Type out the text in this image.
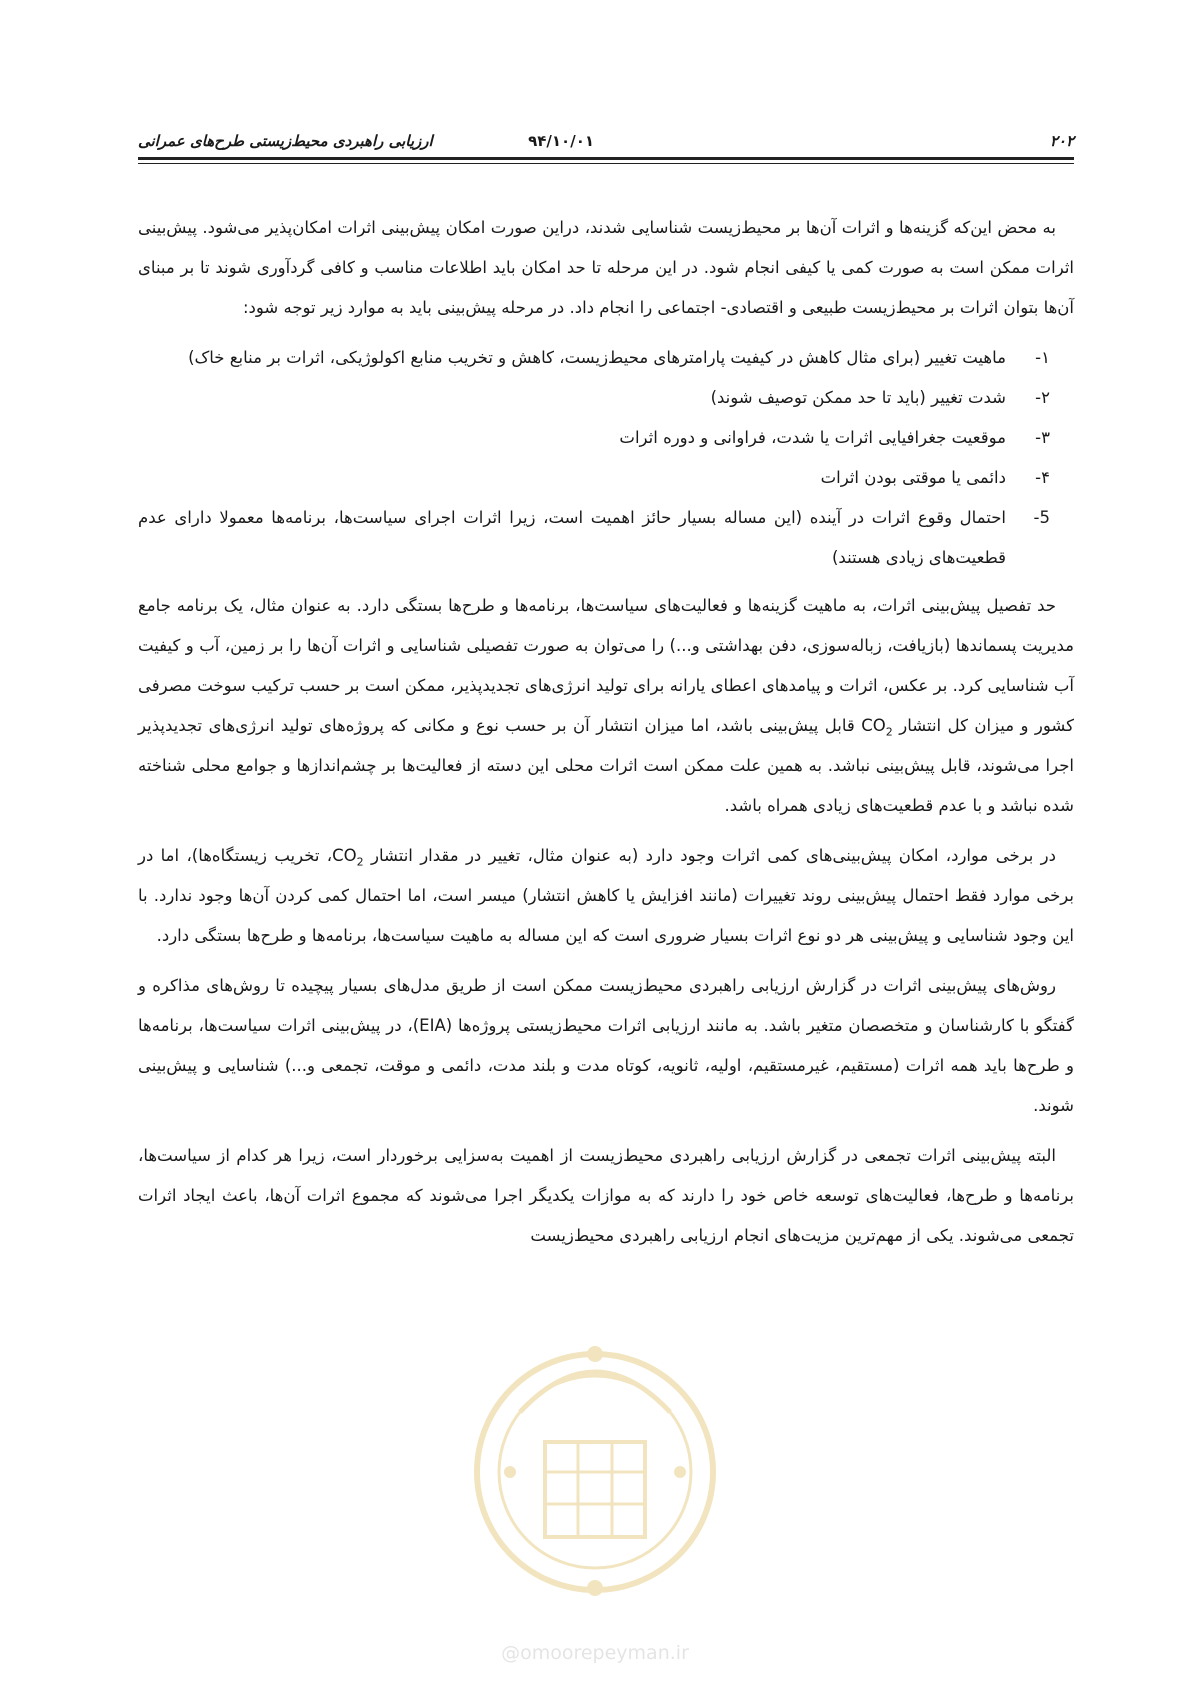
۲۰۲
۹۴/۱۰/۰۱
ارزیابی راهبردی محیط‌زیستی طرح‌های عمرانی

به محض این‌که گزینه‌ها و اثرات آن‌ها بر محیط‌زیست شناسایی شدند، دراین صورت امکان پیش‌بینی اثرات امکان‌پذیر می‌شود. پیش‌بینی اثرات ممکن است به صورت کمی یا کیفی انجام شود. در این مرحله تا حد امکان باید اطلاعات مناسب و کافی گردآوری شوند تا بر مبنای آن‌ها بتوان اثرات بر محیط‌زیست طبیعی و اقتصادی- اجتماعی را انجام داد. در مرحله پیش‌بینی باید به موارد زیر توجه شود:

۱-
ماهیت تغییر (برای مثال کاهش در کیفیت پارامترهای محیط‌زیست، کاهش و تخریب منابع اکولوژیکی، اثرات بر منابع خاک)
۲-
شدت تغییر (باید تا حد ممکن توصیف شوند)
۳-
موقعیت جغرافیایی اثرات یا شدت، فراوانی و دوره اثرات
۴-
دائمی یا موقتی بودن اثرات
5-
احتمال وقوع اثرات در آینده (این مساله بسیار حائز اهمیت است، زیرا اثرات اجرای سیاست‌ها، برنامه‌ها معمولا دارای عدم قطعیت‌های زیادی هستند)

حد تفصیل پیش‌بینی اثرات، به ماهیت گزینه‌ها و فعالیت‌های سیاست‌ها، برنامه‌ها و طرح‌ها بستگی دارد. به عنوان مثال، یک برنامه جامع مدیریت پسماندها (بازیافت، زباله‌سوزی، دفن بهداشتی و...) را می‌توان به صورت تفصیلی شناسایی و اثرات آن‌ها را بر زمین، آب و کیفیت آب شناسایی کرد. بر عکس، اثرات و پیامدهای اعطای یارانه برای تولید انرژی‌های تجدیدپذیر، ممکن است بر حسب ترکیب سوخت مصرفی کشور و میزان کل انتشار $CO_2$ قابل پیش‌بینی باشد، اما میزان انتشار آن بر حسب نوع و مکانی که پروژه‌های تولید انرژی‌های تجدیدپذیر اجرا می‌شوند، قابل پیش‌بینی نباشد. به همین علت ممکن است اثرات محلی این دسته از فعالیت‌ها بر چشم‌اندازها و جوامع محلی شناخته شده نباشد و با عدم قطعیت‌های زیادی همراه باشد.

در برخی موارد، امکان پیش‌بینی‌های کمی اثرات وجود دارد (به عنوان مثال، تغییر در مقدار انتشار $CO_2،$ تخریب زیستگاه‌ها)، اما در برخی موارد فقط احتمال پیش‌بینی روند تغییرات (مانند افزایش یا کاهش انتشار) میسر است، اما احتمال کمی کردن آن‌ها وجود ندارد. با این وجود شناسایی و پیش‌بینی هر دو نوع اثرات بسیار ضروری است که این مساله به ماهیت سیاست‌ها، برنامه‌ها و طرح‌ها بستگی دارد.

روش‌های پیش‌بینی اثرات در گزارش ارزیابی راهبردی محیط‌زیست ممکن است از طریق مدل‌های بسیار پیچیده تا روش‌های مذاکره و گفتگو با کارشناسان و متخصصان متغیر باشد. به مانند ارزیابی اثرات محیط‌زیستی پروژه‌ها (EIA)، در پیش‌بینی اثرات سیاست‌ها، برنامه‌ها و طرح‌ها باید همه اثرات (مستقیم، غیرمستقیم، اولیه، ثانویه، کوتاه مدت و بلند مدت، دائمی و موقت، تجمعی و...) شناسایی و پیش‌بینی شوند.

البته پیش‌بینی اثرات تجمعی در گزارش ارزیابی راهبردی محیط‌زیست از اهمیت به‌سزایی برخوردار است، زیرا هر کدام از سیاست‌ها، برنامه‌ها و طرح‌ها، فعالیت‌های توسعه خاص خود را دارند که به موازات یکدیگر اجرا می‌شوند که مجموع اثرات آن‌ها، باعث ایجاد اثرات تجمعی می‌شوند. یکی از مهم‌ترین مزیت‌های انجام ارزیابی راهبردی محیط‌زیست

@omoorepeyman.ir
